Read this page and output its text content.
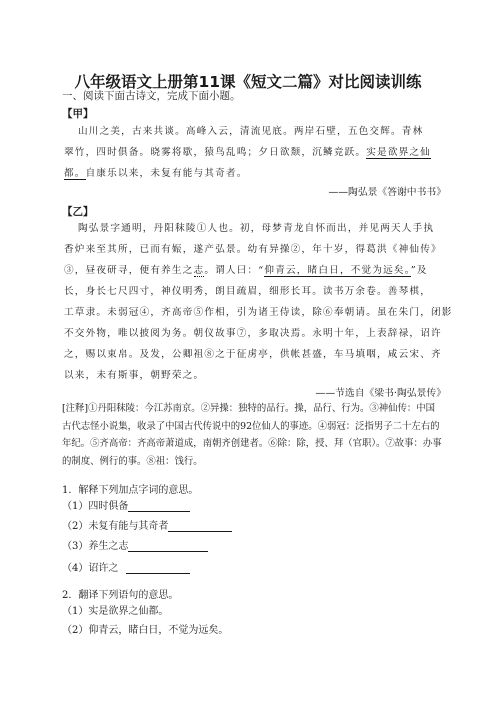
八年级语文上册第11课《短文二篇》对比阅读训练
一、阅读下面古诗文，完成下面小题。
【甲】
山川之美，古来共谈。高峰入云，清流见底。两岸石壁，五色交辉。青林
翠竹，四时俱备。晓雾将歇，猿鸟乱鸣；夕日欲颓，沉鳞竞跃。实是欲界之仙
都。自康乐以来，未复有能与其奇者。
——陶弘景《答谢中书书》
【乙】
陶弘景字通明，丹阳秣陵①人也。初，母梦青龙自怀而出，并见两天人手执
香炉来至其所，已而有娠，遂产弘景。幼有异操②，年十岁，得葛洪《神仙传》
③，昼夜研寻，便有养生之志。谓人曰：“仰青云，睹白日，不觉为远矣。”及
长，身长七尺四寸，神仪明秀，朗目疏眉，细形长耳。读书万余卷。善琴棋，
工草隶。未弱冠④，齐高帝⑤作相，引为诸王侍读，除⑥奉朝请。虽在朱门，闭影
不交外物，唯以披阅为务。朝仪故事⑦，多取决焉。永明十年，上表辞禄，诏许
之，赐以束帛。及发，公卿祖⑧之于征虏亭，供帐甚盛，车马填咽，咸云宋、齐
以来，未有斯事，朝野荣之。
——节选自《梁书·陶弘景传》
[注释]①丹阳秣陵：今江苏南京。②异操：独特的品行。操，品行、行为。③神仙传：中国古代志怪小说集，收录了中国古代传说中的92位仙人的事迹。④弱冠：泛指男子二十左右的年纪。⑤齐高帝：齐高帝萧道成，南朝齐创建者。⑥除：除，授、拜（官职）。⑦故事：办事的制度、例行的事。⑧祖：饯行。
1．解释下列加点字词的意思。
（1）四时俱备
（2）未复有能与其奇者
（3）养生之志
（4）诏许之
2．翻译下列语句的意思。
（1）实是欲界之仙都。
（2）仰青云，睹白日，不觉为远矣。
